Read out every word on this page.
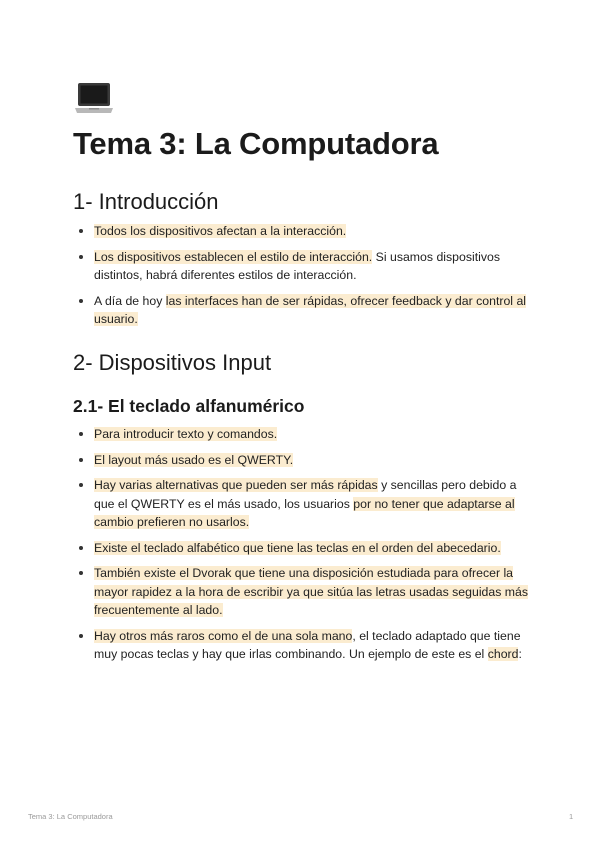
Tema 3: La Computadora
1- Introducción
Todos los dispositivos afectan a la interacción.
Los dispositivos establecen el estilo de interacción. Si usamos dispositivos distintos, habrá diferentes estilos de interacción.
A día de hoy las interfaces han de ser rápidas, ofrecer feedback y dar control al usuario.
2- Dispositivos Input
2.1- El teclado alfanumérico
Para introducir texto y comandos.
El layout más usado es el QWERTY.
Hay varias alternativas que pueden ser más rápidas y sencillas pero debido a que el QWERTY es el más usado, los usuarios por no tener que adaptarse al cambio prefieren no usarlos.
Existe el teclado alfabético que tiene las teclas en el orden del abecedario.
También existe el Dvorak que tiene una disposición estudiada para ofrecer la mayor rapidez a la hora de escribir ya que sitúa las letras usadas seguidas más frecuentemente al lado.
Hay otros más raros como el de una sola mano, el teclado adaptado que tiene muy pocas teclas y hay que irlas combinando. Un ejemplo de este es el chord:
Tema 3: La Computadora	1
